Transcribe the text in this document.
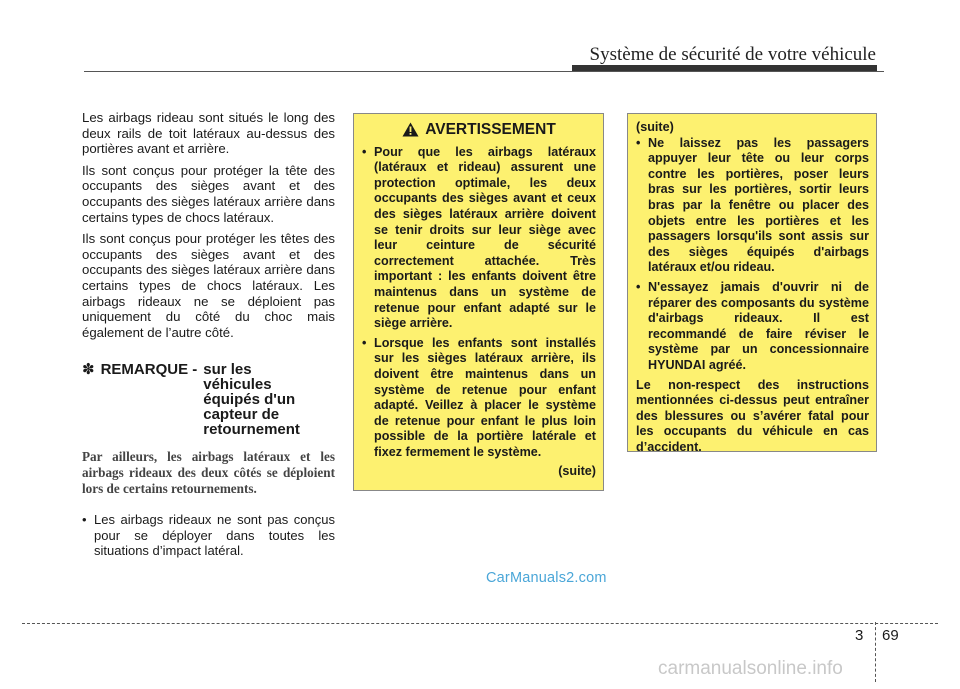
Système de sécurité de votre véhicule

Les airbags rideau sont situés le long des deux rails de toit latéraux au-dessus des portières avant et arrière.

Ils sont conçus pour protéger la tête des occupants des sièges avant et des occupants des sièges latéraux arrière dans certains types de chocs latéraux.

Ils sont conçus pour protéger les têtes des occupants des sièges avant et des occupants des sièges latéraux arrière dans certains types de chocs latéraux. Les airbags rideaux ne se déploient pas uniquement du côté du choc mais également de l’autre côté.

✽ REMARQUE - sur les véhicules équipés d'un capteur de retournement
Par ailleurs, les airbags latéraux et les airbags rideaux des deux côtés se déploient lors de certains retournements.
• Les airbags rideaux ne sont pas conçus pour se déployer dans toutes les situations d’impact latéral.
AVERTISSEMENT
• Pour que les airbags latéraux (latéraux et rideau) assurent une protection optimale, les deux occupants des sièges avant et ceux des sièges latéraux arrière doivent se tenir droits sur leur siège avec leur ceinture de sécurité correctement attachée. Très important : les enfants doivent être maintenus dans un système de retenue pour enfant adapté sur le siège arrière.
• Lorsque les enfants sont installés sur les sièges latéraux arrière, ils doivent être maintenus dans un système de retenue pour enfant adapté. Veillez à placer le système de retenue pour enfant le plus loin possible de la portière latérale et fixez fermement le système.
(suite)
(suite)
• Ne laissez pas les passagers appuyer leur tête ou leur corps contre les portières, poser leurs bras sur les portières, sortir leurs bras par la fenêtre ou placer des objets entre les portières et les passagers lorsqu'ils sont assis sur des sièges équipés d'airbags latéraux et/ou rideau.
• N'essayez jamais d'ouvrir ni de réparer des composants du système d'airbags rideaux. Il est recommandé de faire réviser le système par un concessionnaire HYUNDAI agréé.
Le non-respect des instructions mentionnées ci-dessus peut entraîner des blessures ou s’avérer fatal pour les occupants du véhicule en cas d’accident.
CarManuals2.com
3 69
carmanualsonline.info
